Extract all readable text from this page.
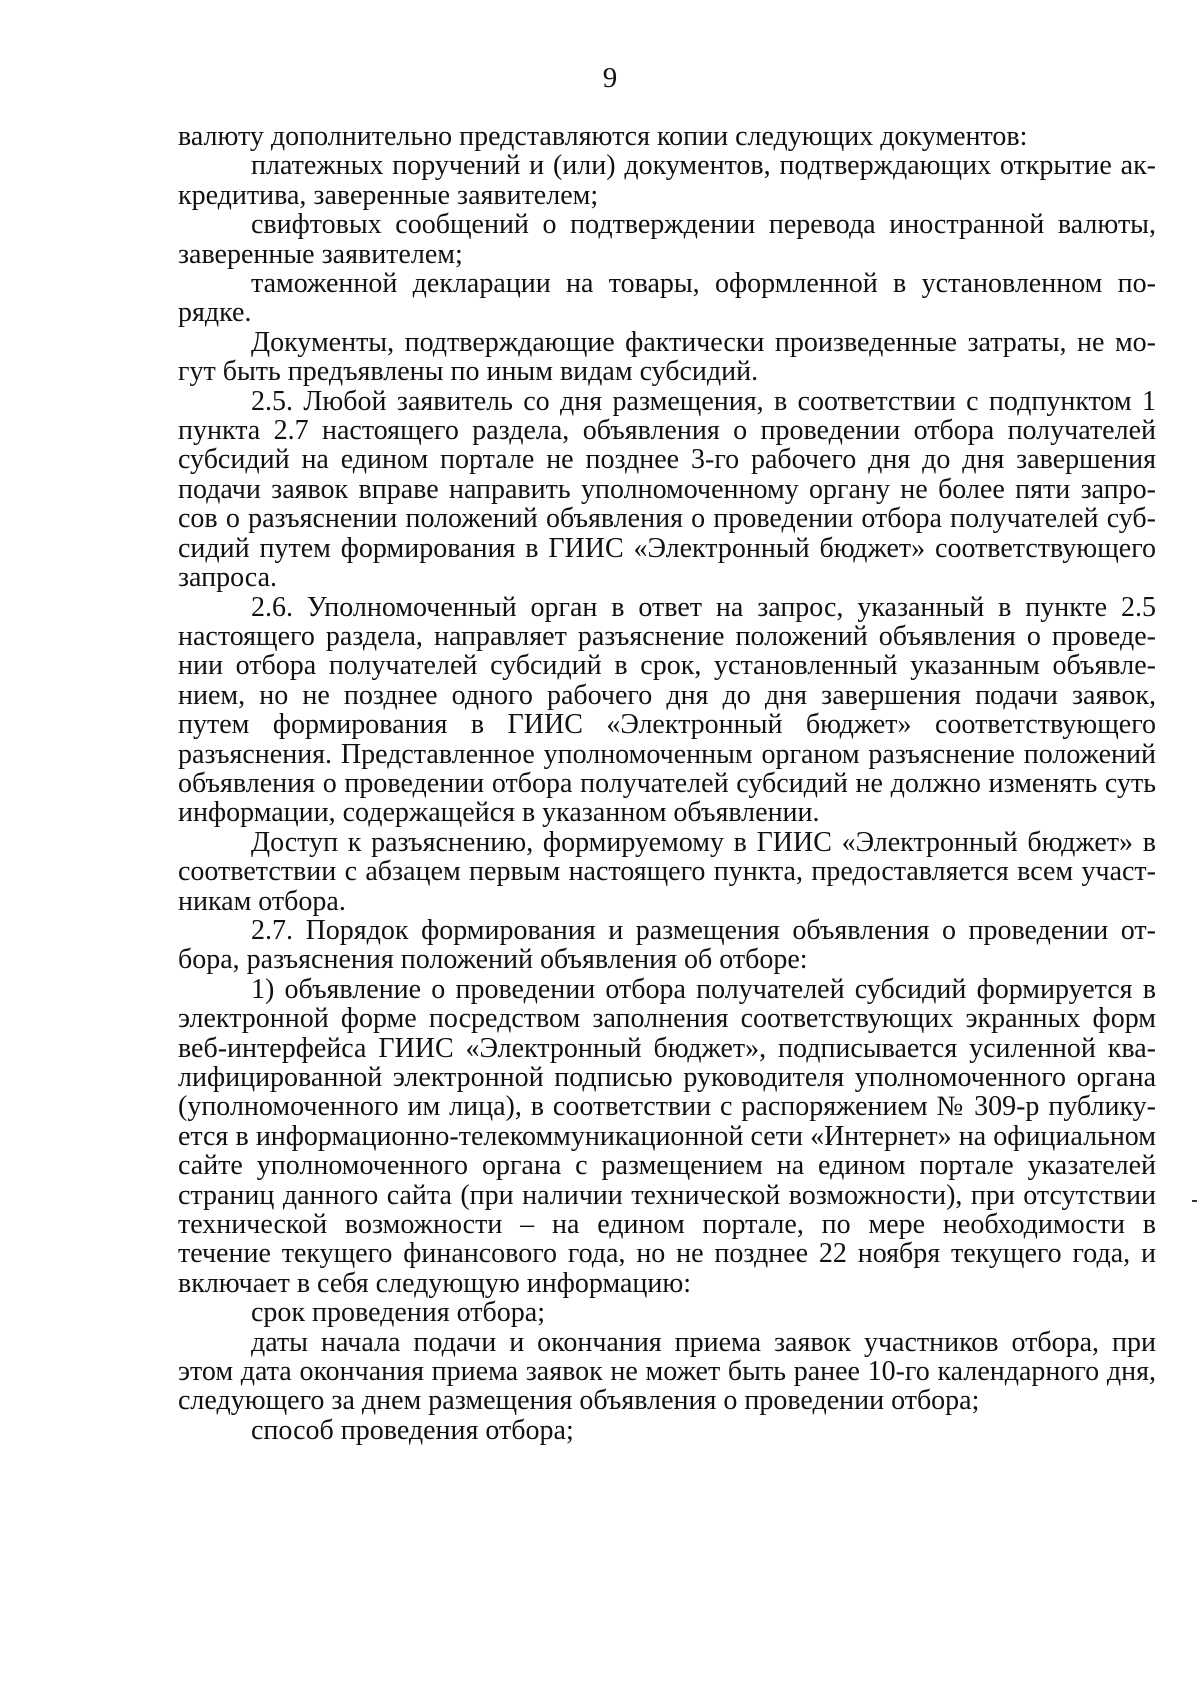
9

валюту дополнительно представляются копии следующих документов:

платежных поручений и (или) документов, подтверждающих открытие аккредитива, заверенные заявителем;

свифтовых сообщений о подтверждении перевода иностранной валюты, заверенные заявителем;

таможенной декларации на товары, оформленной в установленном порядке.

Документы, подтверждающие фактически произведенные затраты, не могут быть предъявлены по иным видам субсидий.

2.5. Любой заявитель со дня размещения, в соответствии с подпунктом 1 пункта 2.7 настоящего раздела, объявления о проведении отбора получателей субсидий на едином портале не позднее 3-го рабочего дня до дня завершения подачи заявок вправе направить уполномоченному органу не более пяти запросов о разъяснении положений объявления о проведении отбора получателей субсидий путем формирования в ГИИС «Электронный бюджет» соответствующего запроса.

2.6. Уполномоченный орган в ответ на запрос, указанный в пункте 2.5 настоящего раздела, направляет разъяснение положений объявления о проведении отбора получателей субсидий в срок, установленный указанным объявлением, но не позднее одного рабочего дня до дня завершения подачи заявок, путем формирования в ГИИС «Электронный бюджет» соответствующего разъяснения. Представленное уполномоченным органом разъяснение положений объявления о проведении отбора получателей субсидий не должно изменять суть информации, содержащейся в указанном объявлении.

Доступ к разъяснению, формируемому в ГИИС «Электронный бюджет» в соответствии с абзацем первым настоящего пункта, предоставляется всем участникам отбора.

2.7. Порядок формирования и размещения объявления о проведении отбора, разъяснения положений объявления об отборе:

1) объявление о проведении отбора получателей субсидий формируется в электронной форме посредством заполнения соответствующих экранных форм веб-интерфейса ГИИС «Электронный бюджет», подписывается усиленной квалифицированной электронной подписью руководителя уполномоченного органа (уполномоченного им лица), в соответствии с распоряжением № 309-р публикуется в информационно-телекоммуникационной сети «Интернет» на официальном сайте уполномоченного органа с размещением на едином портале указателей страниц данного сайта (при наличии технической возможности), при отсутствии технической возможности – на едином портале, по мере необходимости в течение текущего финансового года, но не позднее 22 ноября текущего года, и включает в себя следующую информацию:

срок проведения отбора;

даты начала подачи и окончания приема заявок участников отбора, при этом дата окончания приема заявок не может быть ранее 10-го календарного дня, следующего за днем размещения объявления о проведении отбора;

способ проведения отбора;
